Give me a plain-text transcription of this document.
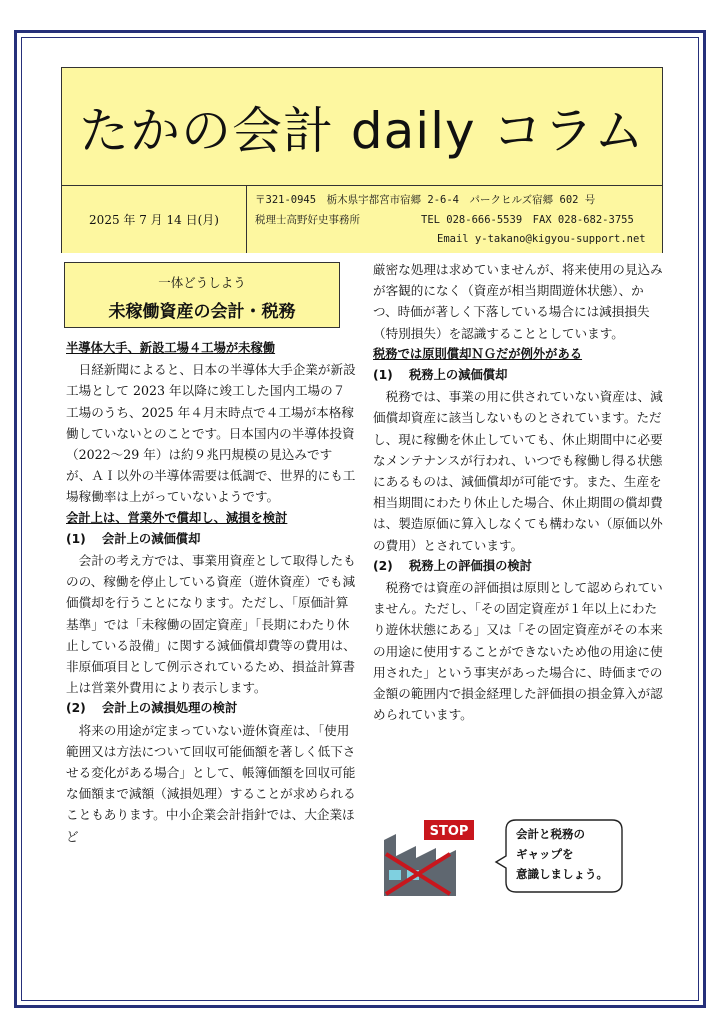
たかの会計 daily コラム
2025 年 7 月 14 日(月)
〒321-0945　栃木県宇都宮市宿郷 2-6-4　パークヒルズ宿郷 602 号
税理士高野好史事務所	TEL 028-666-5539　FAX 028-682-3755
Email y-takano@kigyou-support.net
一体どうしよう
未稼働資産の会計・税務

半導体大手、新設工場４工場が未稼働

日経新聞によると、日本の半導体大手企業が新設工場として 2023 年以降に竣工した国内工場の７工場のうち、2025 年４月末時点で４工場が本格稼働していないとのことです。日本国内の半導体投資（2022～29 年）は約９兆円規模の見込みですが、ＡＩ以外の半導体需要は低調で、世界的にも工場稼働率は上がっていないようです。

会計上は、営業外で償却し、減損を検討

(1) 会計上の減価償却

会計の考え方では、事業用資産として取得したものの、稼働を停止している資産（遊休資産）でも減価償却を行うことになります。ただし、「原価計算基準」では「未稼働の固定資産」「長期にわたり休止している設備」に関する減価償却費等の費用は、非原価項目として例示されているため、損益計算書上は営業外費用により表示します。

(2) 会計上の減損処理の検討

将来の用途が定まっていない遊休資産は、「使用範囲又は方法について回収可能価額を著しく低下させる変化がある場合」として、帳簿価額を回収可能な価額まで減額（減損処理）することが求められることもあります。中小企業会計指針では、大企業ほど

厳密な処理は求めていませんが、将来使用の見込みが客観的になく（資産が相当期間遊休状態）、かつ、時価が著しく下落している場合には減損損失（特別損失）を認識することとしています。

税務では原則償却ＮＧだが例外がある

(1) 税務上の減価償却

税務では、事業の用に供されていない資産は、減価償却資産に該当しないものとされています。ただし、現に稼働を休止していても、休止期間中に必要なメンテナンスが行われ、いつでも稼働し得る状態にあるものは、減価償却が可能です。また、生産を相当期間にわたり休止した場合、休止期間の償却費は、製造原価に算入しなくても構わない（原価以外の費用）とされています。

(2) 税務上の評価損の検討

税務では資産の評価損は原則として認められていません。ただし、「その固定資産が１年以上にわたり遊休状態にある」又は「その固定資産がその本来の用途に使用することができないため他の用途に使用された」という事実があった場合に、時価までの金額の範囲内で損金経理した評価損の損金算入が認められています。

STOP	会計と税務の
ギャップを
意識しましょう。
